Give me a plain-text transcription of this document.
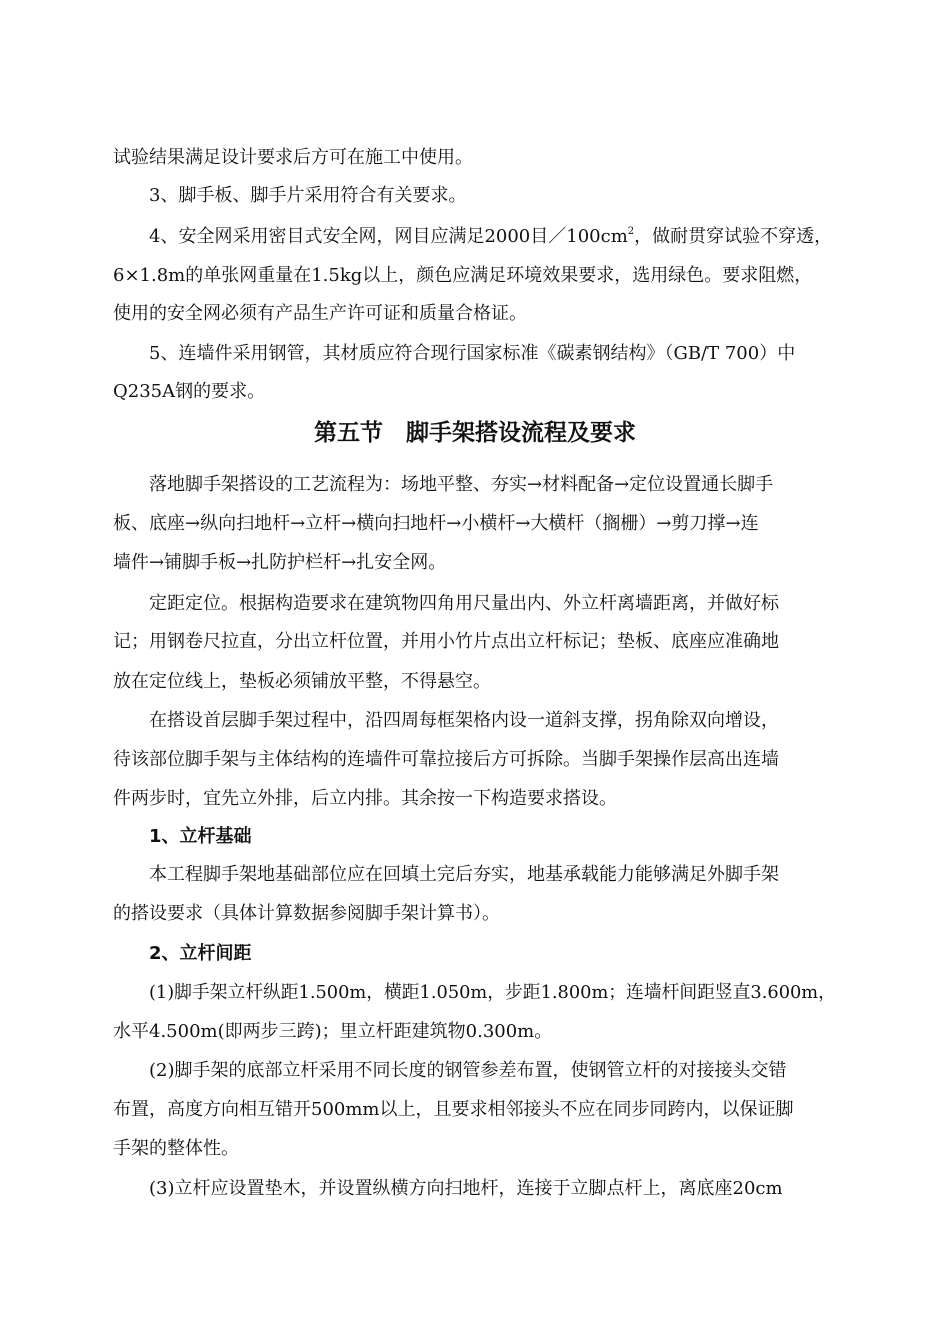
试验结果满足设计要求后方可在施工中使用。
3、脚手板、脚手片采用符合有关要求。
4、安全网采用密目式安全网，网目应满足2000目$/100cm^2$，做耐贯穿试验不穿透，
6×1.8m的单张网重量在1.5kg以上，颜色应满足环境效果要求，选用绿色。要求阻燃，
使用的安全网必须有产品生产许可证和质量合格证。
5、连墙件采用钢管，其材质应符合现行国家标准《碳素钢结构》（GB/T 700）中
Q235A钢的要求。
第五节　脚手架搭设流程及要求
落地脚手架搭设的工艺流程为：场地平整、夯实→材料配备→定位设置通长脚手
板、底座→纵向扫地杆→立杆→横向扫地杆→小横杆→大横杆（搁栅）→剪刀撑→连
墙件→铺脚手板→扎防护栏杆→扎安全网。
定距定位。根据构造要求在建筑物四角用尺量出内、外立杆离墙距离，并做好标
记；用钢卷尺拉直，分出立杆位置，并用小竹片点出立杆标记；垫板、底座应准确地
放在定位线上，垫板必须铺放平整，不得悬空。
在搭设首层脚手架过程中，沿四周每框架格内设一道斜支撑，拐角除双向增设，
待该部位脚手架与主体结构的连墙件可靠拉接后方可拆除。当脚手架操作层高出连墙
件两步时，宜先立外排，后立内排。其余按一下构造要求搭设。
1、立杆基础
本工程脚手架地基础部位应在回填土完后夯实，地基承载能力能够满足外脚手架
的搭设要求（具体计算数据参阅脚手架计算书）。
2、立杆间距
(1)脚手架立杆纵距1.500m，横距1.050m，步距1.800m；连墙杆间距竖直3.600m，
水平4.500m(即两步三跨)；里立杆距建筑物0.300m。
(2)脚手架的底部立杆采用不同长度的钢管参差布置，使钢管立杆的对接接头交错
布置，高度方向相互错开500mm以上，且要求相邻接头不应在同步同跨内，以保证脚
手架的整体性。
(3)立杆应设置垫木，并设置纵横方向扫地杆，连接于立脚点杆上，离底座20cm
